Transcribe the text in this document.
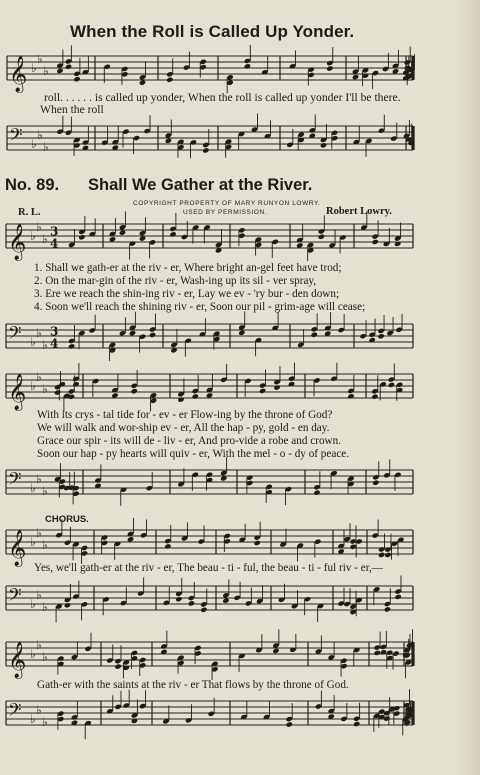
When the Roll is Called Up Yonder.
𝄞 ♭
♭
♭
roll. . . . . . is called up yonder, When the roll is called up yonder I'll be there.
When the roll
𝄢 ♭
♭
♭
No. 89. Shall We Gather at the River.
COPYRIGHT PROPERTY OF MARY RUNYON LOWRY.
USED BY PERMISSION.
R. L.	Robert Lowry.
𝄞 ♭
♭
♭
3
4
1. Shall we gath-er at the riv - er, Where bright an-gel feet have trod;
2. On the mar-gin of the riv - er, Wash-ing up its sil - ver spray,
3. Ere we reach the shin-ing riv - er, Lay we ev - 'ry bur - den down;
4. Soon we'll reach the shining riv - er, Soon our pil - grim-age will cease;
𝄢 ♭
♭
♭
3
4
𝄞 ♭
♭
♭
With its crys - tal tide for - ev - er Flow-ing by the throne of God?
We will walk and wor-ship ev - er, All the hap - py, gold - en day.
Grace our spir - its will de - liv - er, And pro-vide a robe and crown.
Soon our hap - py hearts will quiv - er, With the mel - o - dy of peace.
𝄢 ♭
♭
♭
CHORUS.
𝄞 ♭
♭
♭
Yes, we'll gath-er at the riv - er, The beau - ti - ful, the beau - ti - ful riv - er,—
𝄢 ♭
♭
♭
𝄞 ♭
♭
♭
Gath-er with the saints at the riv - er That flows by the throne of God.
𝄢 ♭
♭
♭
